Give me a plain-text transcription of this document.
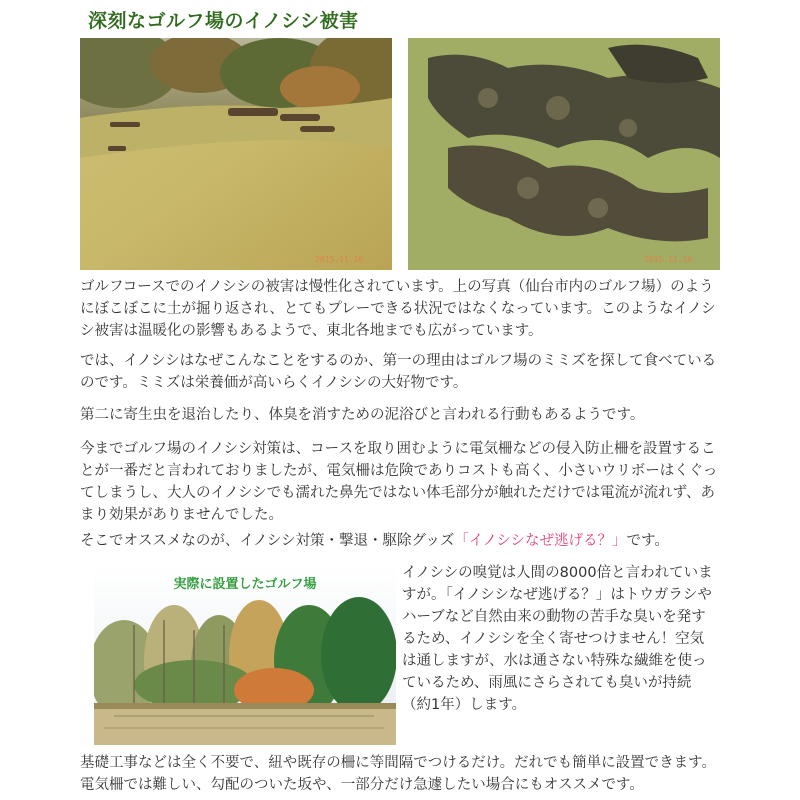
深刻なゴルフ場のイノシシ被害
2015.11.16	2015.11.16

ゴルフコースでのイノシシの被害は慢性化されています。上の写真（仙台市内のゴルフ場）のようにぼこぼこに土が掘り返され、とてもプレーできる状況ではなくなっています。このようなイノシシ被害は温暖化の影響もあるようで、東北各地までも広がっています。

では、イノシシはなぜこんなことをするのか、第一の理由はゴルフ場のミミズを探して食べているのです。ミミズは栄養価が高いらくイノシシの大好物です。

第二に寄生虫を退治したり、体臭を消すための泥浴びと言われる行動もあるようです。

今までゴルフ場のイノシシ対策は、コースを取り囲むように電気柵などの侵入防止柵を設置することが一番だと言われておりましたが、電気柵は危険でありコストも高く、小さいウリボーはくぐってしまうし、大人のイノシシでも濡れた鼻先ではない体毛部分が触れただけでは電流が流れず、あまり効果がありませんでした。

そこでオススメなのが、イノシシ対策・撃退・駆除グッズ「イノシシなぜ逃げる？」です。

実際に設置したゴルフ場

イノシシの嗅覚は人間の8000倍と言われていますが。「イノシシなぜ逃げる？」はトウガラシやハーブなど自然由来の動物の苦手な臭いを発するため、イノシシを全く寄せつけません！空気は通しますが、水は通さない特殊な繊維を使っているため、雨風にさらされても臭いが持続（約1年）します。

基礎工事などは全く不要で、紐や既存の柵に等間隔でつけるだけ。だれでも簡単に設置できます。電気柵では難しい、勾配のついた坂や、一部分だけ急遽したい場合にもオススメです。
